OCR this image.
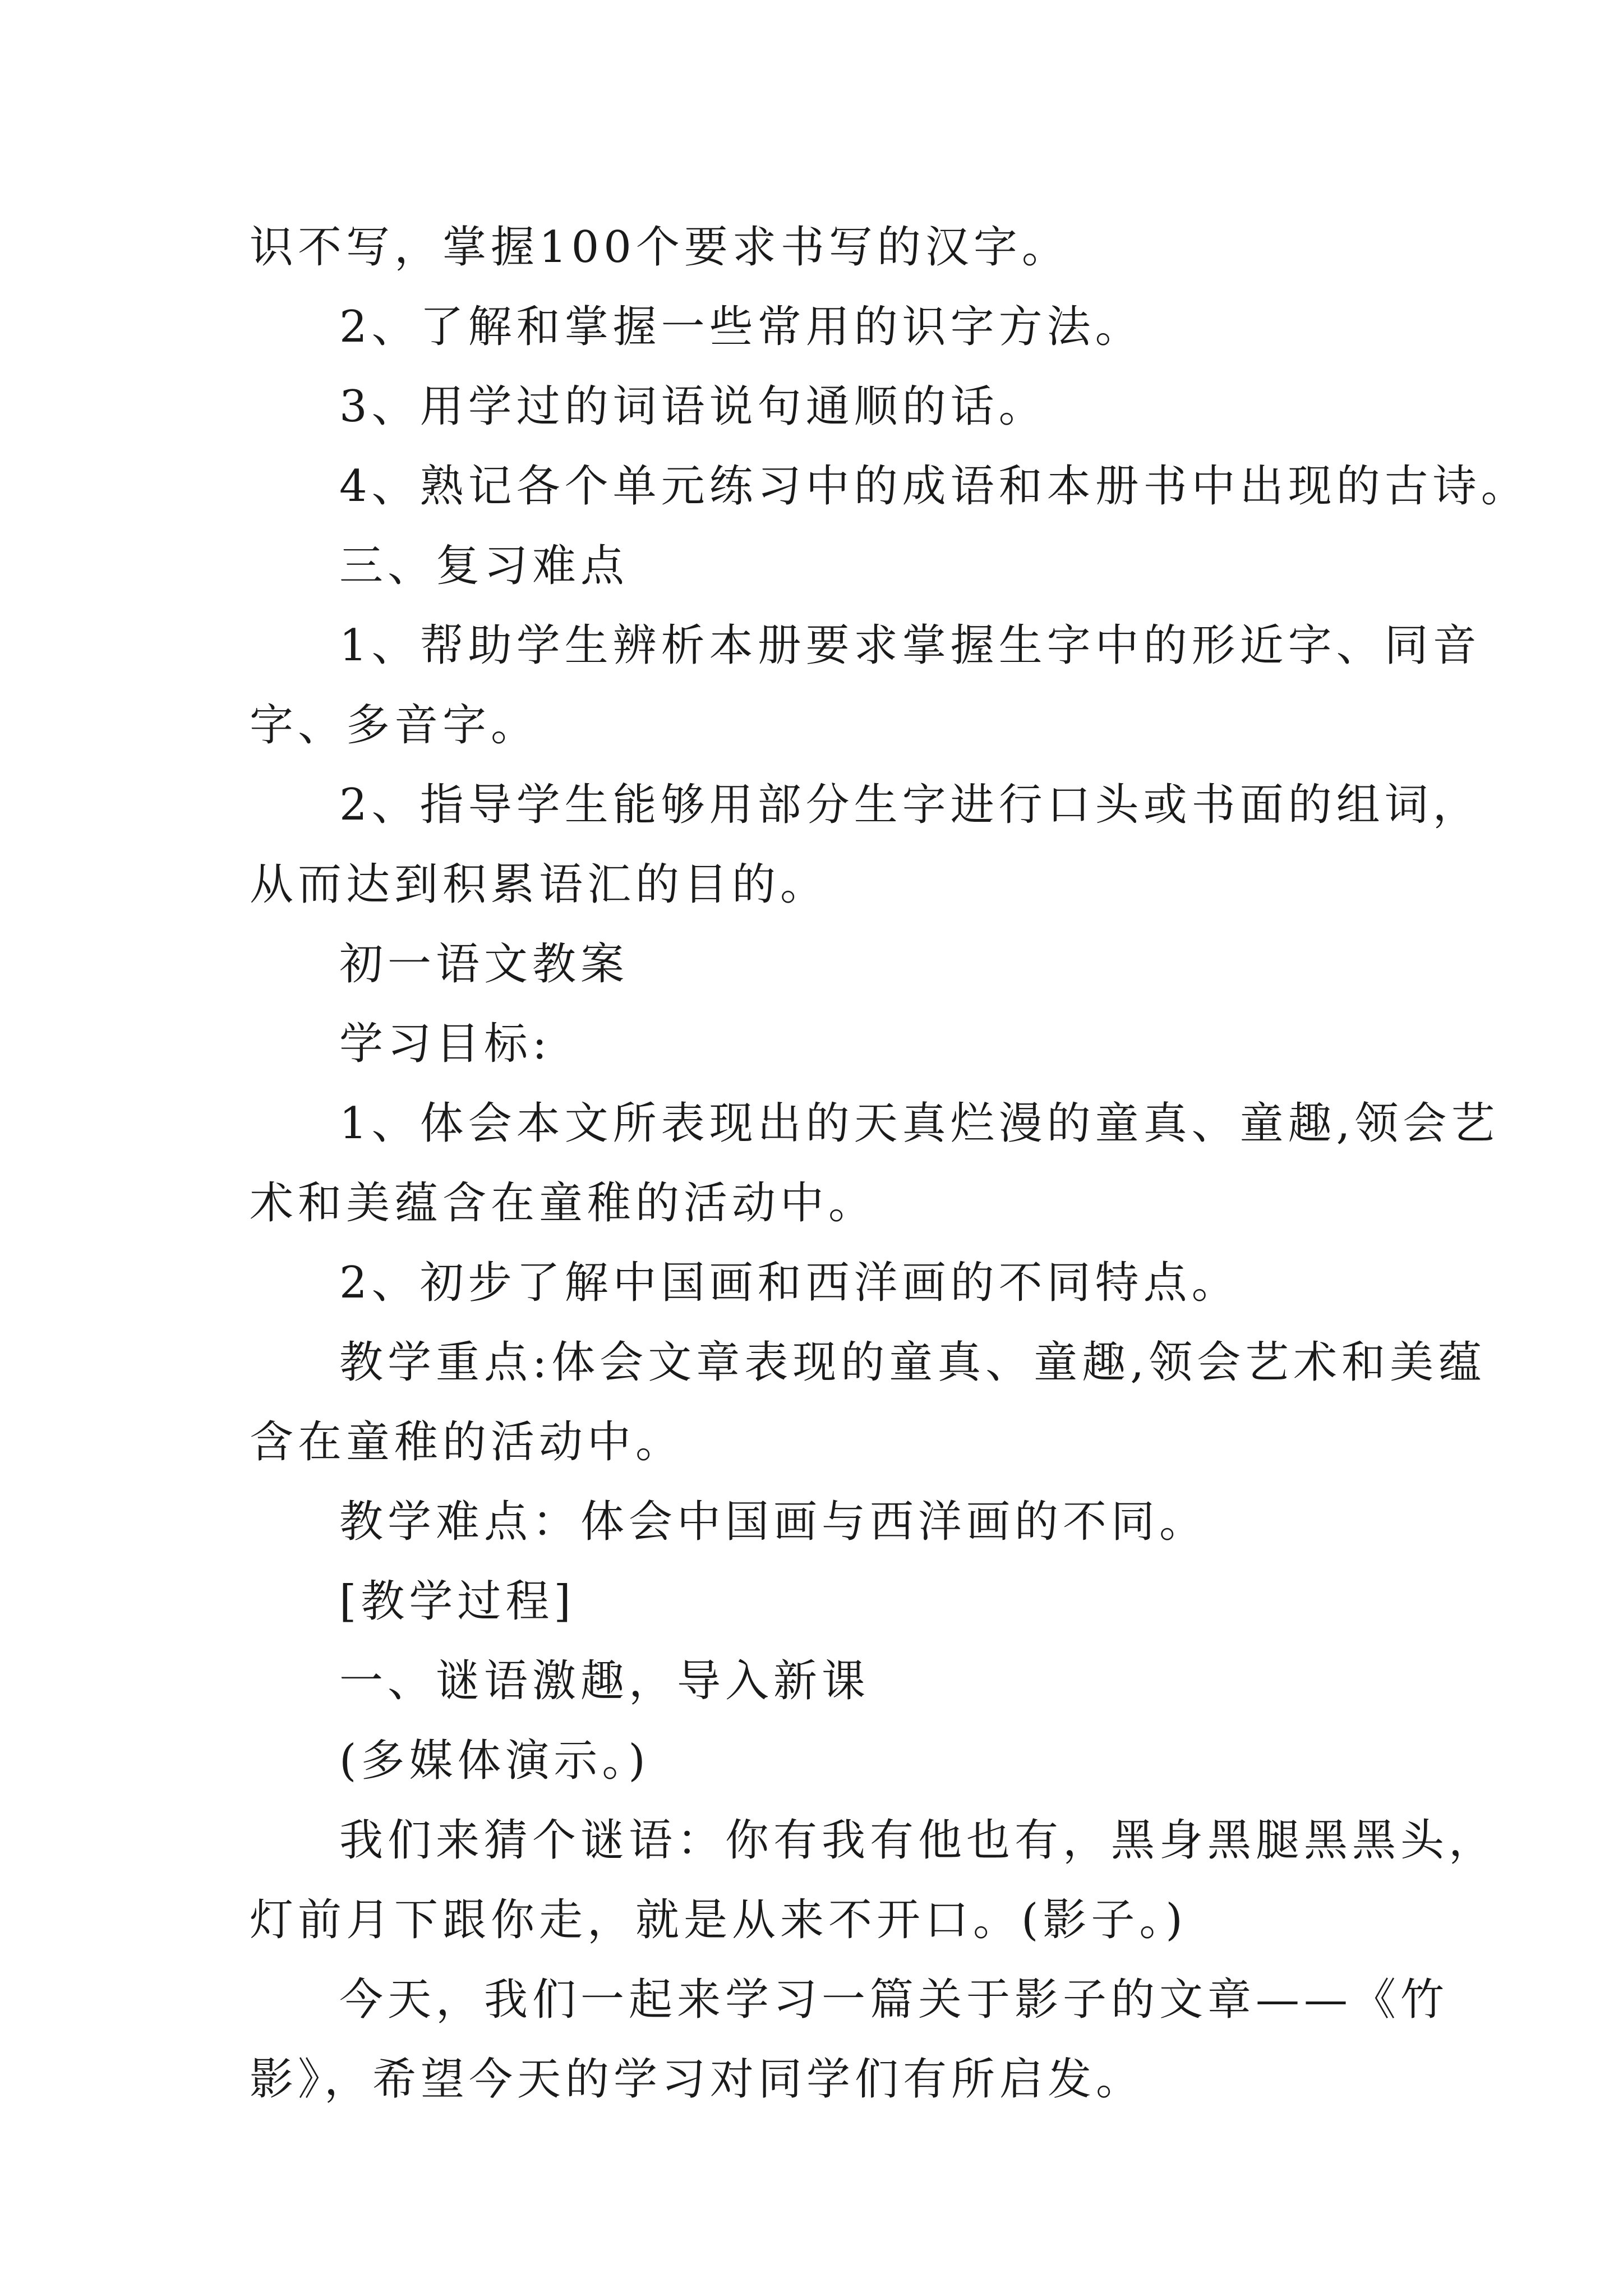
识不写，掌握100个要求书写的汉字。
2、了解和掌握一些常用的识字方法。
3、用学过的词语说句通顺的话。
4、熟记各个单元练习中的成语和本册书中出现的古诗。
三、复习难点
1、帮助学生辨析本册要求掌握生字中的形近字、同音
字、多音字。
2、指导学生能够用部分生字进行口头或书面的组词，
从而达到积累语汇的目的。
初一语文教案
学习目标:
1、体会本文所表现出的天真烂漫的童真、童趣,领会艺
术和美蕴含在童稚的活动中。
2、初步了解中国画和西洋画的不同特点。
教学重点:体会文章表现的童真、童趣,领会艺术和美蕴
含在童稚的活动中。
教学难点：体会中国画与西洋画的不同。
[教学过程]
一、谜语激趣，导入新课
(多媒体演示。)
我们来猜个谜语：你有我有他也有，黑身黑腿黑黑头，
灯前月下跟你走，就是从来不开口。(影子。)
今天，我们一起来学习一篇关于影子的文章——《竹
影》，希望今天的学习对同学们有所启发。
